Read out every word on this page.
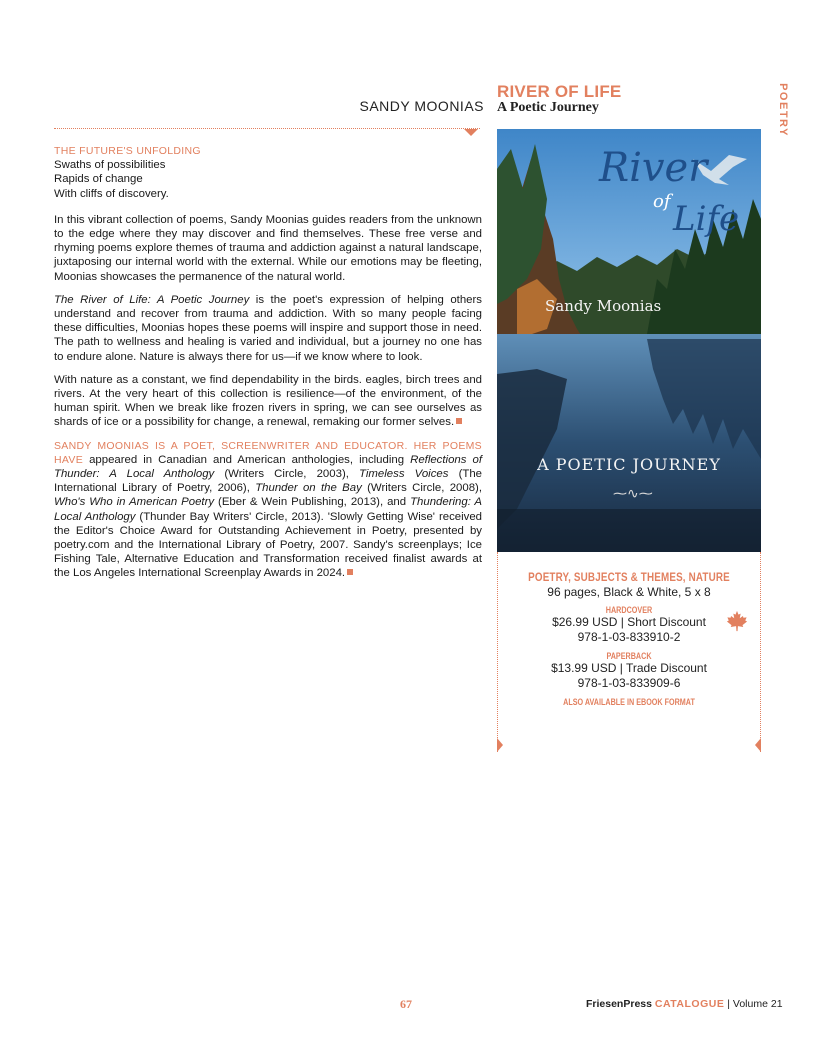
SANDY MOONIAS
RIVER OF LIFE
A Poetic Journey	POETRY
THE FUTURE'S UNFOLDING
Swaths of possibilities
Rapids of change
With cliffs of discovery.

In this vibrant collection of poems, Sandy Moonias guides readers from the unknown to the edge where they may discover and find themselves. These free verse and rhyming poems explore themes of trauma and addiction against a natural landscape, juxtaposing our internal world with the external. While our emotions may be fleeting, Moonias showcases the permanence of the natural world.

The River of Life: A Poetic Journey is the poet's expression of helping others understand and recover from trauma and addiction. With so many people facing these difficulties, Moonias hopes these poems will inspire and support those in need. The path to wellness and healing is varied and individual, but a journey no one has to endure alone. Nature is always there for us—if we know where to look.

With nature as a constant, we find dependability in the birds. eagles, birch trees and rivers. At the very heart of this collection is resilience—of the environment, of the human spirit. When we break like frozen rivers in spring, we can see ourselves as shards of ice or a possibility for change, a renewal, remaking our former selves.

SANDY MOONIAS IS A POET, SCREENWRITER AND EDUCATOR. HER POEMS HAVE appeared in Canadian and American anthologies, including Reflections of Thunder: A Local Anthology (Writers Circle, 2003), Timeless Voices (The International Library of Poetry, 2006), Thunder on the Bay (Writers Circle, 2008), Who's Who in American Poetry (Eber & Wein Publishing, 2013), and Thundering: A Local Anthology (Thunder Bay Writers' Circle, 2013). 'Slowly Getting Wise' received the Editor's Choice Award for Outstanding Achievement in Poetry, presented by poetry.com and the International Library of Poetry, 2007. Sandy's screenplays; Ice Fishing Tale, Alternative Education and Transformation received finalist awards at the Los Angeles International Screenplay Awards in 2024.

River
of Life
Sandy Moonias
A POETIC JOURNEY
⁓∿⁓
POETRY, SUBJECTS & THEMES, NATURE
96 pages, Black & White, 5 x 8
HARDCOVER
$26.99 USD | Short Discount
978-1-03-833910-2
PAPERBACK
$13.99 USD | Trade Discount
978-1-03-833909-6
ALSO AVAILABLE IN EBOOK FORMAT
67	FriesenPress CATALOGUE | Volume 21
